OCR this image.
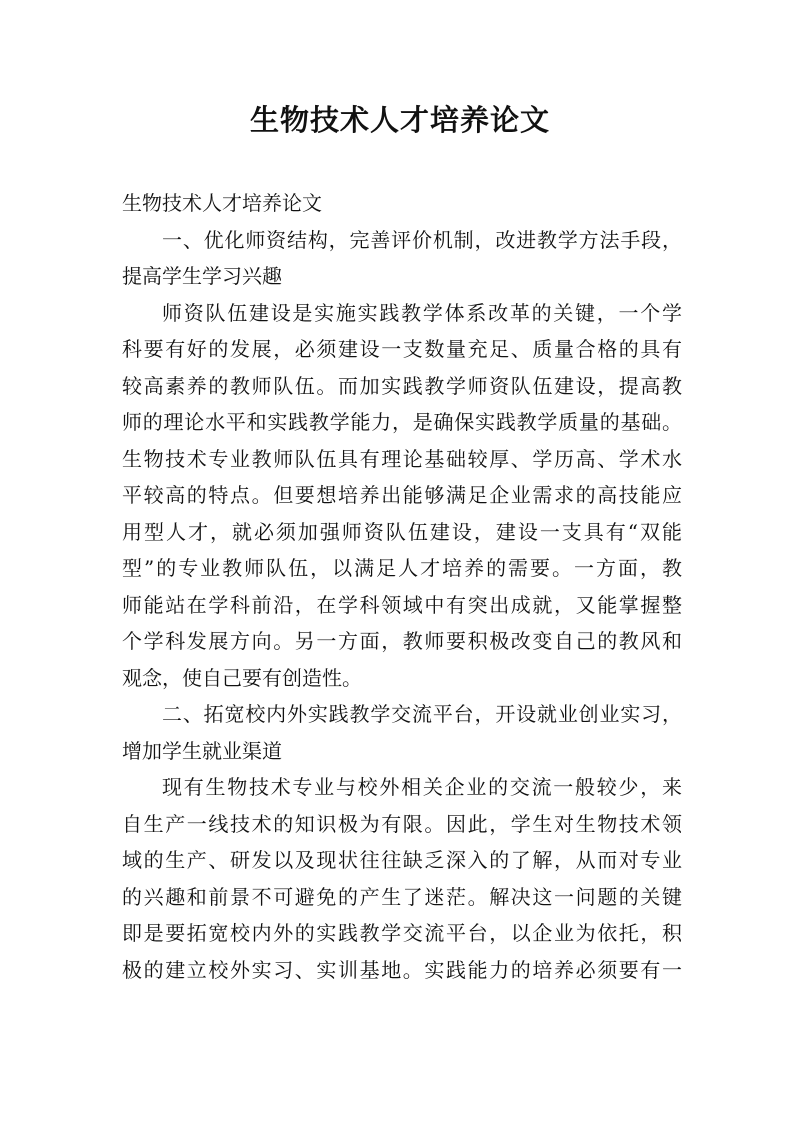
生物技术人才培养论文
生物技术人才培养论文
一、优化师资结构，完善评价机制，改进教学方法手段，
提高学生学习兴趣
师资队伍建设是实施实践教学体系改革的关键，一个学
科要有好的发展，必须建设一支数量充足、质量合格的具有
较高素养的教师队伍。而加实践教学师资队伍建设，提高教
师的理论水平和实践教学能力，是确保实践教学质量的基础。
生物技术专业教师队伍具有理论基础较厚、学历高、学术水
平较高的特点。但要想培养出能够满足企业需求的高技能应
用型人才，就必须加强师资队伍建设，建设一支具有“双能
型”的专业教师队伍，以满足人才培养的需要。一方面，教
师能站在学科前沿，在学科领域中有突出成就，又能掌握整
个学科发展方向。另一方面，教师要积极改变自己的教风和
观念，使自己要有创造性。
二、拓宽校内外实践教学交流平台，开设就业创业实习，
增加学生就业渠道
现有生物技术专业与校外相关企业的交流一般较少，来
自生产一线技术的知识极为有限。因此，学生对生物技术领
域的生产、研发以及现状往往缺乏深入的了解，从而对专业
的兴趣和前景不可避免的产生了迷茫。解决这一问题的关键
即是要拓宽校内外的实践教学交流平台，以企业为依托，积
极的建立校外实习、实训基地。实践能力的培养必须要有一
